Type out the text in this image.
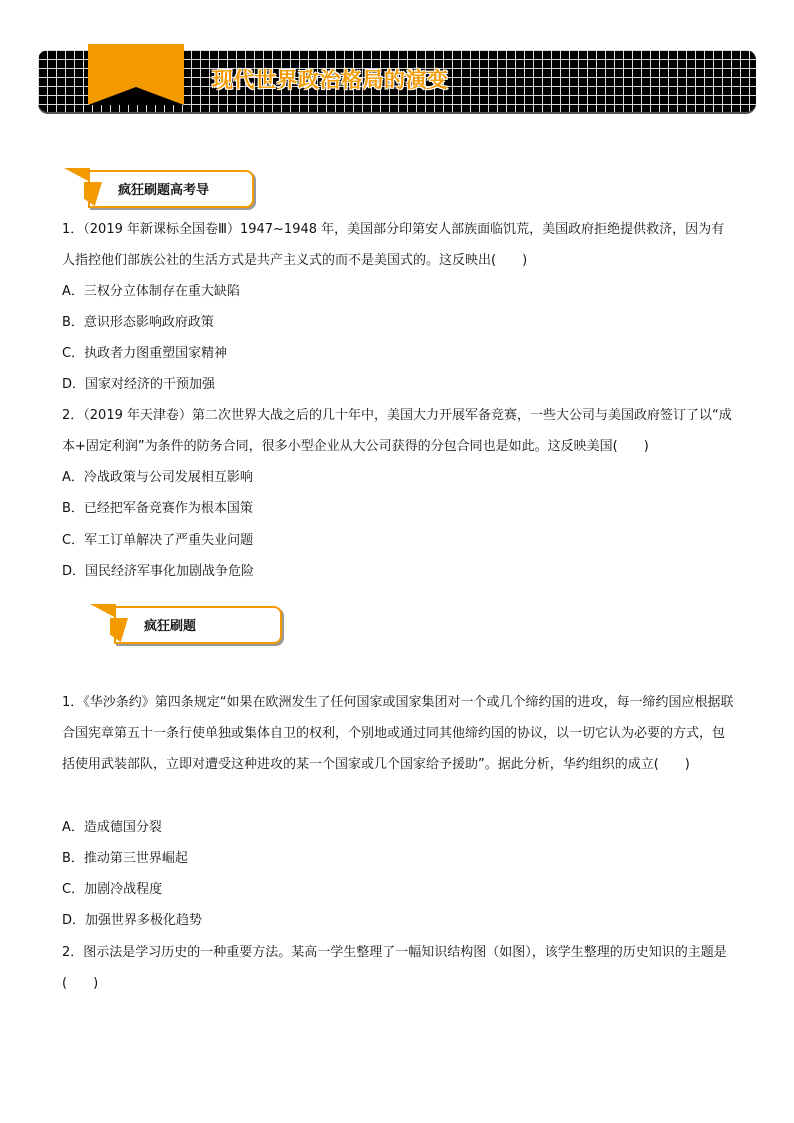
现代世界政治格局的演变
疯狂刷题高考导
1．（2019 年新课标全国卷Ⅲ）1947~1948 年，美国部分印第安人部族面临饥荒，美国政府拒绝提供救济，因为有人指控他们部族公社的生活方式是共产主义式的而不是美国式的。这反映出(　　)
A．三权分立体制存在重大缺陷
B．意识形态影响政府政策
C．执政者力图重塑国家精神
D．国家对经济的干预加强
2．（2019 年天津卷）第二次世界大战之后的几十年中，美国大力开展军备竞赛，一些大公司与美国政府签订了以“成本+固定利润”为条件的防务合同，很多小型企业从大公司获得的分包合同也是如此。这反映美国(　　)
A．冷战政策与公司发展相互影响
B．已经把军备竞赛作为根本国策
C．军工订单解决了严重失业问题
D．国民经济军事化加剧战争危险
疯狂刷题
1．《华沙条约》第四条规定“如果在欧洲发生了任何国家或国家集团对一个或几个缔约国的进攻，每一缔约国应根据联合国宪章第五十一条行使单独或集体自卫的权利，个别地或通过同其他缔约国的协议，以一切它认为必要的方式，包括使用武装部队，立即对遭受这种进攻的某一个国家或几个国家给予援助”。据此分析，华约组织的成立(　　)
A．造成德国分裂
B．推动第三世界崛起
C．加剧冷战程度
D．加强世界多极化趋势
2．图示法是学习历史的一种重要方法。某高一学生整理了一幅知识结构图（如图），该学生整理的历史知识的主题是(　　)
